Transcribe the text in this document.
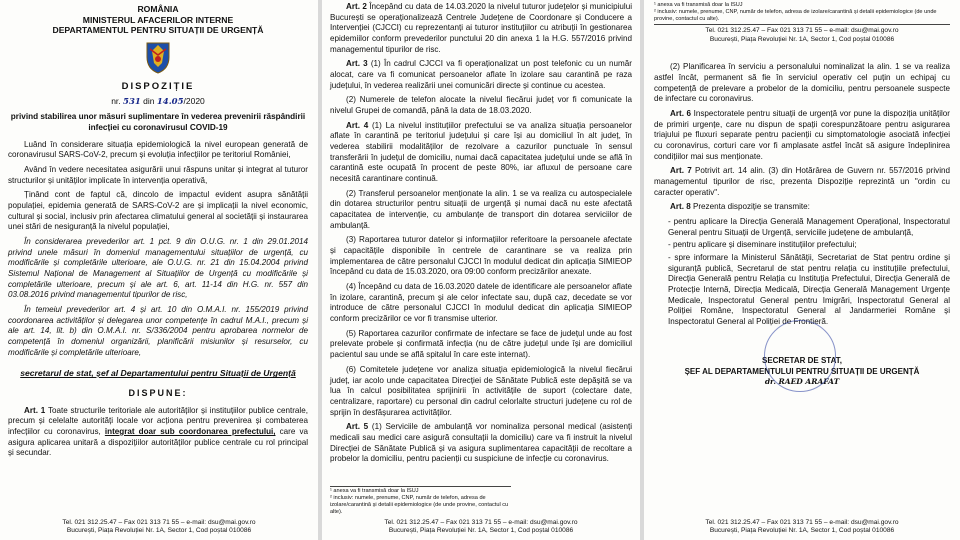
ROMÂNIA
MINISTERUL AFACERILOR INTERNE
DEPARTAMENTUL PENTRU SITUAȚII DE URGENȚĂ
DISPOZIȚIE
nr. 531 din 14.05/2020
privind stabilirea unor măsuri suplimentare în vederea prevenirii răspândirii infecției cu coronavirusul COVID-19

Luând în considerare situația epidemiologică la nivel european generată de coronavirusul SARS-CoV-2, precum și evoluția infecțiilor pe teritoriul României,

Având în vedere necesitatea asigurării unui răspuns unitar și integrat al tuturor structurilor și unităților implicate în intervenția operativă,

Ținând cont de faptul că, dincolo de impactul evident asupra sănătății populației, epidemia generată de SARS-CoV-2 are și implicații la nivel economic, cultural și social, inclusiv prin afectarea climatului general al societății și instaurarea unei stări de nesiguranță la nivelul populației,

În considerarea prevederilor art. 1 pct. 9 din O.U.G. nr. 1 din 29.01.2014 privind unele măsuri în domeniul managementului situațiilor de urgență, cu modificările și completările ulterioare, ale O.U.G. nr. 21 din 15.04.2004 privind Sistemul Național de Management al Situațiilor de Urgență cu modificările și completările ulterioare, precum și ale art. 6, art. 11-14 din H.G. nr. 557 din 03.08.2016 privind managementul tipurilor de risc,

În temeiul prevederilor art. 4 și art. 10 din O.M.A.I. nr. 155/2019 privind coordonarea activităților și delegarea unor competențe în cadrul M.A.I., precum și ale art. 14, lit. b) din O.M.A.I. nr. S/336/2004 pentru aprobarea normelor de competență în domeniul organizării, planificării misiunilor și resurselor, cu modificările și completările ulterioare,

secretarul de stat, șef al Departamentului pentru Situații de Urgență
DISPUNE:

Art. 1 Toate structurile teritoriale ale autorităților și instituțiilor publice centrale, precum și celelalte autorități locale vor acționa pentru prevenirea și combaterea infecțiilor cu coronavirus, integrat doar sub coordonarea prefectului, care va asigura aplicarea unitară a dispozițiilor autorităților publice centrale cu rol principal și secundar.

Tel. 021 312.25.47 – Fax 021 313 71 55 – e-mail: dsu@mai.gov.ro
București, Piața Revoluției Nr. 1A, Sector 1, Cod poștal 010086

Art. 2 Începând cu data de 14.03.2020 la nivelul tuturor județelor și municipiului București se operaționalizează Centrele Județene de Coordonare și Conducere a Intervenției (CJCCI) cu reprezentanți ai tuturor instituțiilor cu atribuții în gestionarea epidemiilor conform prevederilor punctului 20 din anexa 1 la H.G. 557/2016 privind managementul tipurilor de risc.

Art. 3 (1) În cadrul CJCCI va fi operaționalizat un post telefonic cu un număr alocat, care va fi comunicat persoanelor aflate în izolare sau carantină pe raza județului, în vederea realizării unei comunicări directe și continue cu acestea.

(2) Numerele de telefon alocate la nivelul fiecărui județ vor fi comunicate la nivelul Grupei de comandă, până la data de 18.03.2020.

Art. 4 (1) La nivelul instituțiilor prefectului se va analiza situația persoanelor aflate în carantină pe teritoriul județului și care își au domiciliul în alt județ, în vederea stabilirii modalităților de rezolvare a cazurilor punctuale în sensul transferării în județul de domiciliu, numai dacă capacitatea județului unde se află în carantină este ocupată în procent de peste 80%, iar afluxul de persoane care necesită carantinare continuă.

(2) Transferul persoanelor menționate la alin. 1 se va realiza cu autospecialele din dotarea structurilor pentru situații de urgență și numai dacă nu este afectată capacitatea de intervenție, cu ambulanțe de transport din dotarea serviciilor de ambulanță.

(3) Raportarea tuturor datelor și informațiilor referitoare la persoanele afectate și capacitățile disponibile în centrele de carantinare se va realiza prin implementarea de către personalul CJCCI în modulul dedicat din aplicația SIMIEOP începând cu data de 15.03.2020, ora 09:00 conform precizărilor anexate.

(4) Începând cu data de 16.03.2020 datele de identificare ale persoanelor aflate în izolare, carantină, precum și ale celor infectate sau, după caz, decedate se vor introduce de către personalul CJCCI în modulul dedicat din aplicația SIMIEOP conform precizărilor ce vor fi transmise ulterior.

(5) Raportarea cazurilor confirmate de infectare se face de județul unde au fost prelevate probele și confirmată infecția (nu de către județul unde își are domiciliul pacientul sau unde se află spitalul în care este internat).

(6) Comitetele județene vor analiza situația epidemiologică la nivelul fiecărui județ, iar acolo unde capacitatea Direcției de Sănătate Publică este depășită se va lua în calcul posibilitatea sprijinirii în activitățile de suport (colectare date, centralizare, raportare) cu personal din cadrul celorlalte structuri județene cu rol de sprijin în desfășurarea activităților.

Art. 5 (1) Serviciile de ambulanță vor nominaliza personal medical (asistenți medicali sau medici care asigură consultații la domiciliu) care va fi instruit la nivelul Direcției de Sănătate Publică și va asigura suplimentarea capacității de recoltare a probelor la domiciliu, pentru pacienții cu suspiciune de infecție cu coronavirus.

¹ anexa va fi transmisă doar la ISUJ
² inclusiv: numele, prenume, CNP, număr de telefon, adresa de izolare/carantină și detalii epidemiologice (de unde provine, contactul cu alte).
Tel. 021 312.25.47 – Fax 021 313 71 55 – e-mail: dsu@mai.gov.ro
București, Piața Revoluției Nr. 1A, Sector 1, Cod poștal 010086
¹ anexa va fi transmisă doar la ISUJ
² inclusiv: numele, prenume, CNP, număr de telefon, adresa de izolare/carantină și detalii epidemiologice (de unde provine, contactul cu alte).
Tel. 021 312.25.47 – Fax 021 313 71 55 – e-mail: dsu@mai.gov.ro
București, Piața Revoluției Nr. 1A, Sector 1, Cod poștal 010086

(2) Planificarea în serviciu a personalului nominalizat la alin. 1 se va realiza astfel încât, permanent să fie în serviciul operativ cel puțin un echipaj cu competență de prelevare a probelor de la domiciliu, pentru persoanele suspecte de infectare cu coronavirus.

Art. 6 Inspectoratele pentru situații de urgență vor pune la dispoziția unităților de primiri urgențe, care nu dispun de spații corespunzătoare pentru asigurarea triajului pe fluxuri separate pentru pacienții cu simptomatologie asociată infecției cu coronavirus, corturi care vor fi amplasate astfel încât să asigure îndeplinirea condițiilor mai sus menționate.

Art. 7 Potrivit art. 14 alin. (3) din Hotărârea de Guvern nr. 557/2016 privind managementul tipurilor de risc, prezenta Dispoziție reprezintă un "ordin cu caracter operativ".

Art. 8 Prezenta dispoziție se transmite:

- pentru aplicare la Direcția Generală Management Operațional, Inspectoratul General pentru Situații de Urgență, serviciile județene de ambulanță,
- pentru aplicare și diseminare instituțiilor prefectului;
- spre informare la Ministerul Sănătății, Secretariat de Stat pentru ordine și siguranță publică, Secretarul de stat pentru relația cu instituțiile prefectului, Direcția Generală pentru Relația cu Instituția Prefectului, Direcția Generală de Protecție Internă, Direcția Medicală, Direcția Generală Management Urgențe Medicale, Inspectoratul General pentru Imigrări, Inspectoratul General al Poliției Române, Inspectoratul General al Jandarmeriei Române și Inspectoratul General al Poliției de Frontieră.
SECRETAR DE STAT,
ȘEF AL DEPARTAMENTULUI PENTRU SITUAȚII DE URGENȚĂ
dr. RAED ARAFAT
Tel. 021 312.25.47 – Fax 021 313 71 55 – e-mail: dsu@mai.gov.ro
București, Piața Revoluției Nr. 1A, Sector 1, Cod poștal 010086
